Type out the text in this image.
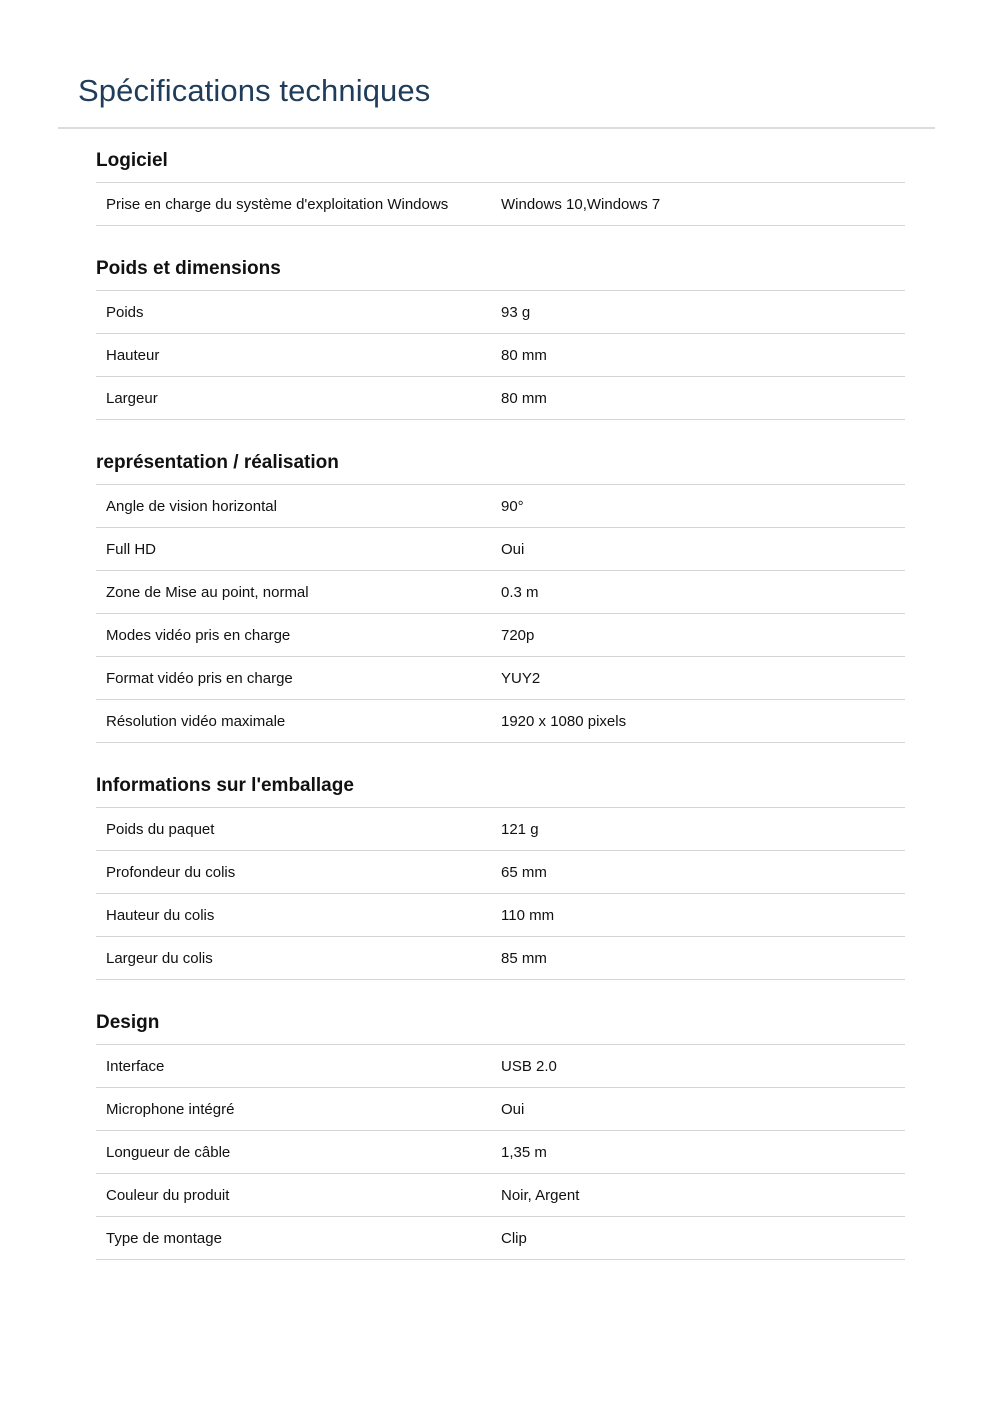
Spécifications techniques
Logiciel
Prise en charge du système d'exploitation Windows	Windows 10,Windows 7
Poids et dimensions
Poids	93 g
Hauteur	80 mm
Largeur	80 mm
représentation / réalisation
Angle de vision horizontal	90°
Full HD	Oui
Zone de Mise au point, normal	0.3 m
Modes vidéo pris en charge	720p
Format vidéo pris en charge	YUY2
Résolution vidéo maximale	1920 x 1080 pixels
Informations sur l'emballage
Poids du paquet	121 g
Profondeur du colis	65 mm
Hauteur du colis	110 mm
Largeur du colis	85 mm
Design
Interface	USB 2.0
Microphone intégré	Oui
Longueur de câble	1,35 m
Couleur du produit	Noir, Argent
Type de montage	Clip
